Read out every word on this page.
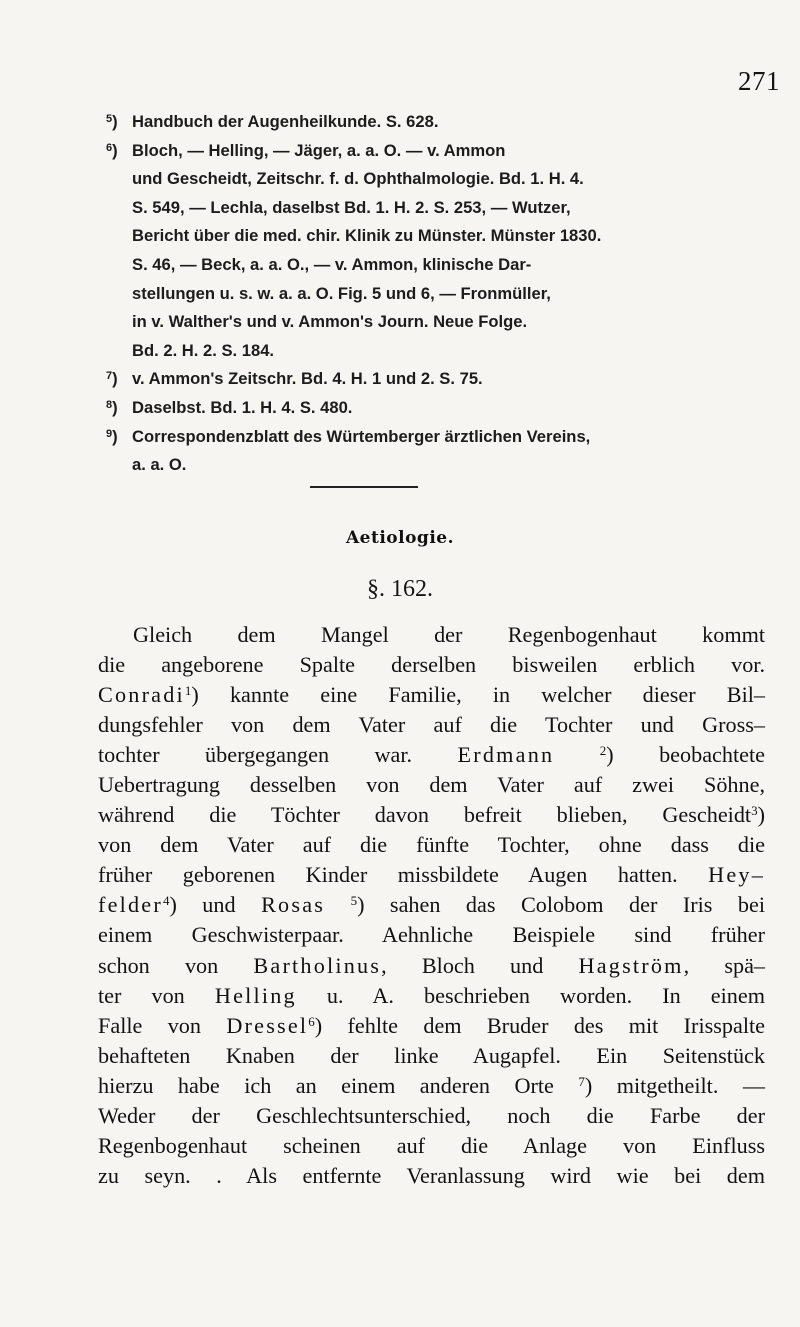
271
$^5$) Handbuch der Augenheilkunde. S. 628.
$^6$) Bloch, — Helling, — Jäger, a. a. O. — v. Ammon
und Gescheidt, Zeitschr. f. d. Ophthalmologie. Bd. 1. H. 4.
S. 549, — Lechla, daselbst Bd. 1. H. 2. S. 253, — Wutzer,
Bericht über die med. chir. Klinik zu Münster. Münster 1830.
S. 46, — Beck, a. a. O., — v. Ammon, klinische Dar-
stellungen u. s. w. a. a. O. Fig. 5 und 6, — Fronmüller,
in v. Walther's und v. Ammon's Journ. Neue Folge.
Bd. 2. H. 2. S. 184.
$^7$) v. Ammon's Zeitschr. Bd. 4. H. 1 und 2. S. 75.
$^8$) Daselbst. Bd. 1. H. 4. S. 480.
$^9$) Correspondenzblatt des Würtemberger ärztlichen Vereins,
a. a. O.
Aetiologie.
§. 162.
Gleich dem Mangel der Regenbogenhaut kommt
die angeborene Spalte derselben bisweilen erblich vor.
Conradi$^1$) kannte eine Familie, in welcher dieser Bil–
dungsfehler von dem Vater auf die Tochter und Gross–
tochter übergegangen war. Erdmann	$^2$) beobachtete
Uebertragung desselben von dem Vater auf zwei Söhne,
während die Töchter davon befreit blieben, Gescheidt$^3$)
von dem Vater auf die fünfte Tochter, ohne dass die
früher geborenen Kinder missbildete Augen hatten. Hey–
felder$^4$) und Rosas $^5$) sahen das Colobom der Iris bei
einem Geschwisterpaar. Aehnliche Beispiele sind früher
schon von Bartholinus, Bloch und Hagström, spä–
ter von Helling u. A. beschrieben worden. In einem
Falle von Dressel$^6$) fehlte dem Bruder des mit Irisspalte
behafteten Knaben der linke Augapfel. Ein Seitenstück
hierzu habe ich an einem anderen Orte $^7$) mitgetheilt. —
Weder der Geschlechtsunterschied, noch die Farbe der
Regenbogenhaut scheinen auf die Anlage von Einfluss
zu seyn. . Als entfernte Veranlassung wird wie bei dem
